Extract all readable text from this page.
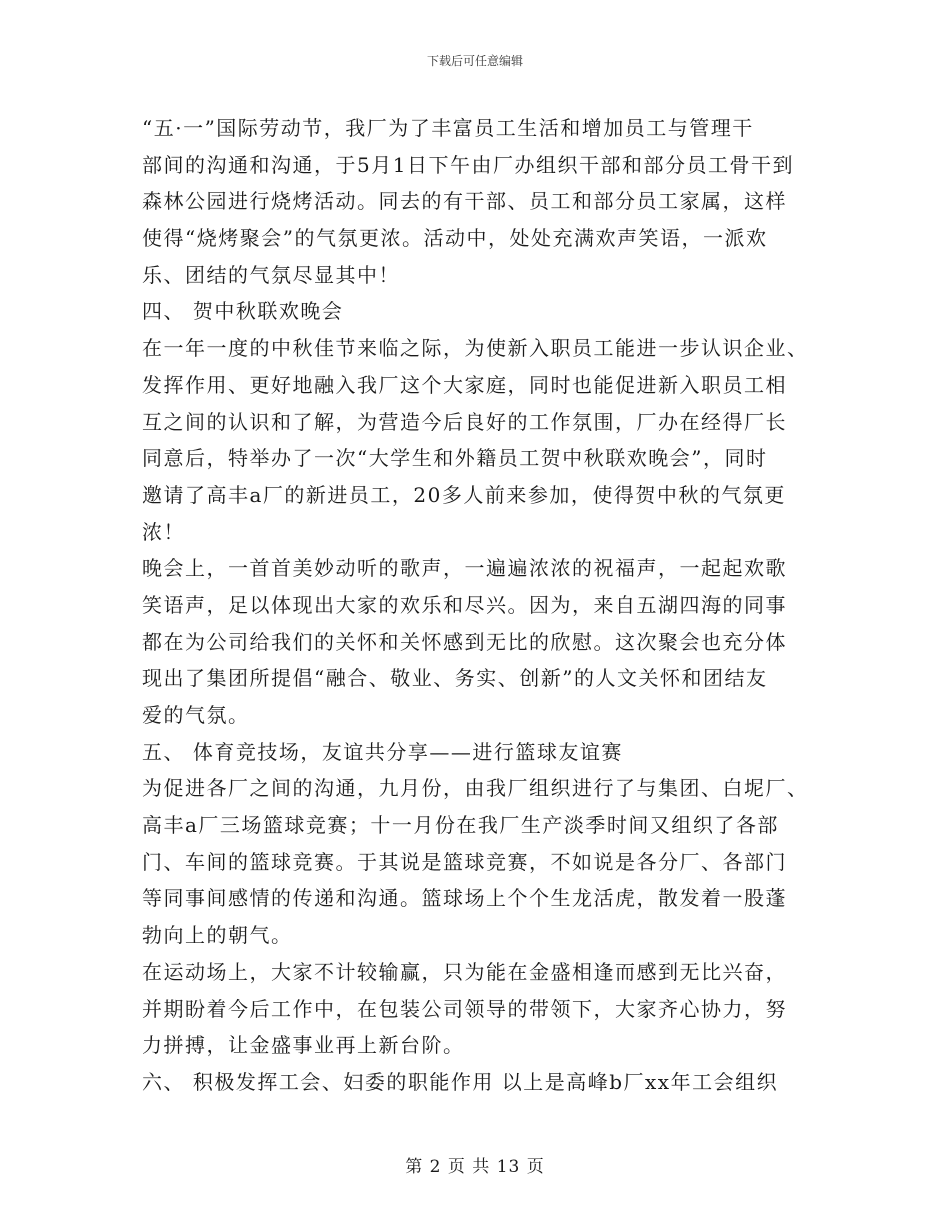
下载后可任意编辑
“五·一”国际劳动节，我厂为了丰富员工生活和增加员工与管理干
部间的沟通和沟通，于5月1日下午由厂办组织干部和部分员工骨干到
森林公园进行烧烤活动。同去的有干部、员工和部分员工家属，这样
使得“烧烤聚会”的气氛更浓。活动中，处处充满欢声笑语，一派欢
乐、团结的气氛尽显其中！
四、 贺中秋联欢晚会
在一年一度的中秋佳节来临之际，为使新入职员工能进一步认识企业、
发挥作用、更好地融入我厂这个大家庭，同时也能促进新入职员工相
互之间的认识和了解，为营造今后良好的工作氛围，厂办在经得厂长
同意后，特举办了一次“大学生和外籍员工贺中秋联欢晚会”，同时
邀请了高丰a厂的新进员工，20多人前来参加，使得贺中秋的气氛更
浓！
晚会上，一首首美妙动听的歌声，一遍遍浓浓的祝福声，一起起欢歌
笑语声，足以体现出大家的欢乐和尽兴。因为，来自五湖四海的同事
都在为公司给我们的关怀和关怀感到无比的欣慰。这次聚会也充分体
现出了集团所提倡“融合、敬业、务实、创新”的人文关怀和团结友
爱的气氛。
五、 体育竞技场，友谊共分享——进行篮球友谊赛
为促进各厂之间的沟通，九月份，由我厂组织进行了与集团、白坭厂、
高丰a厂三场篮球竞赛；十一月份在我厂生产淡季时间又组织了各部
门、车间的篮球竞赛。于其说是篮球竞赛，不如说是各分厂、各部门
等同事间感情的传递和沟通。篮球场上个个生龙活虎，散发着一股蓬
勃向上的朝气。
在运动场上，大家不计较输赢，只为能在金盛相逢而感到无比兴奋，
并期盼着今后工作中，在包装公司领导的带领下，大家齐心协力，努
力拼搏，让金盛事业再上新台阶。
六、 积极发挥工会、妇委的职能作用 以上是高峰b厂xx年工会组织
第 2 页 共 13 页
